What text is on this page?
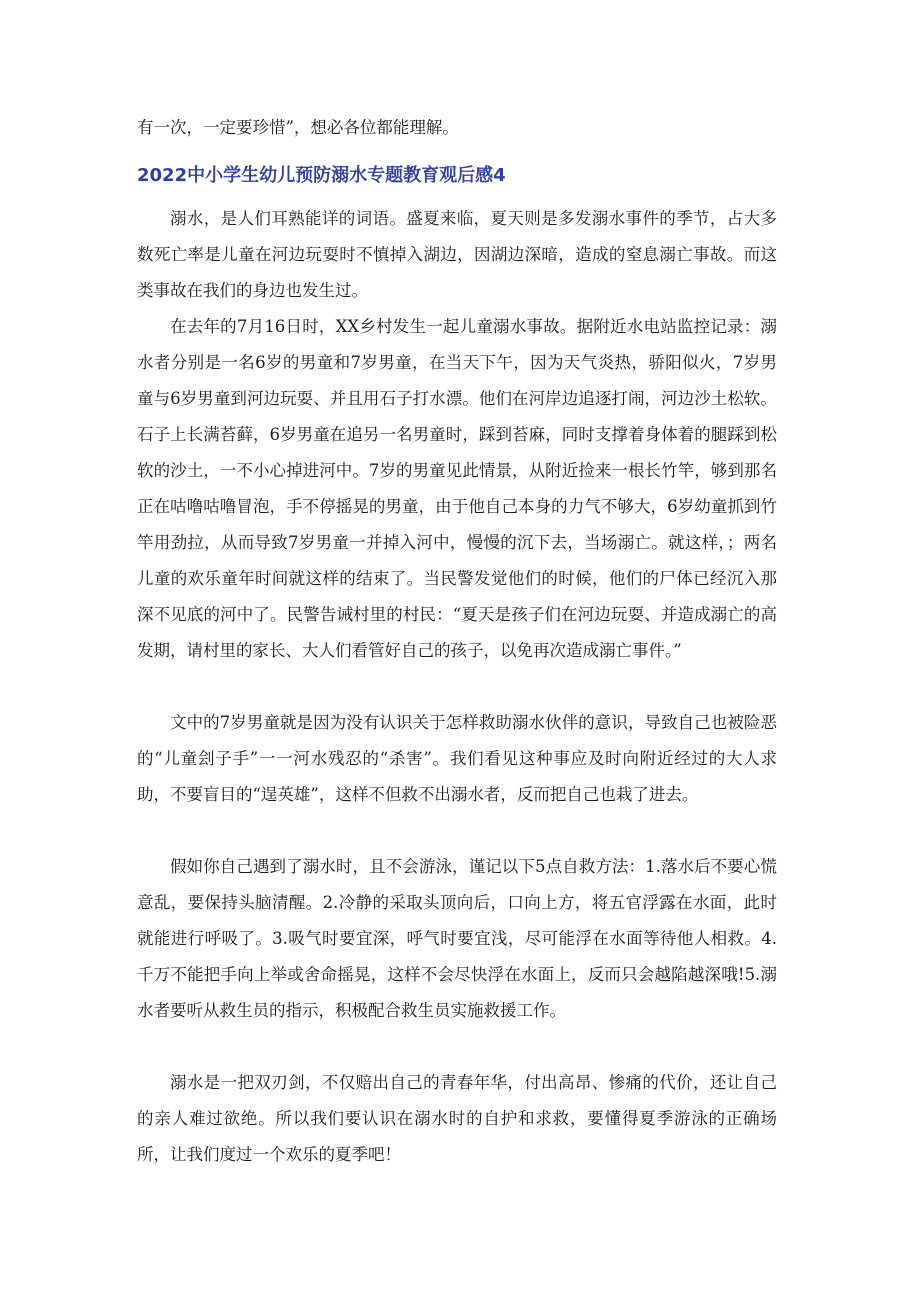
有一次，一定要珍惜”，想必各位都能理解。

2022中小学生幼儿预防溺水专题教育观后感4

溺水，是人们耳熟能详的词语。盛夏来临，夏天则是多发溺水事件的季节，占大多数死亡率是儿童在河边玩耍时不慎掉入湖边，因湖边深暗，造成的窒息溺亡事故。而这类事故在我们的身边也发生过。

在去年的7月16日时，XX乡村发生一起儿童溺水事故。据附近水电站监控记录：溺水者分别是一名6岁的男童和7岁男童，在当天下午，因为天气炎热，骄阳似火，7岁男童与6岁男童到河边玩耍、并且用石子打水漂。他们在河岸边追逐打闹，河边沙土松软。石子上长满苔藓，6岁男童在追另一名男童时，踩到苔麻，同时支撑着身体着的腿踩到松软的沙土，一不小心掉进河中。7岁的男童见此情景，从附近捡来一根长竹竿，够到那名正在咕噜咕噜冒泡，手不停摇晃的男童，由于他自己本身的力气不够大，6岁幼童抓到竹竿用劲拉，从而导致7岁男童一并掉入河中，慢慢的沉下去，当场溺亡。就这样，；两名儿童的欢乐童年时间就这样的结束了。当民警发觉他们的时候，他们的尸体已经沉入那深不见底的河中了。民警告诫村里的村民：“夏天是孩子们在河边玩耍、并造成溺亡的高发期，请村里的家长、大人们看管好自己的孩子，以免再次造成溺亡事件。”

文中的7岁男童就是因为没有认识关于怎样救助溺水伙伴的意识，导致自己也被险恶的“儿童刽子手”一一河水残忍的“杀害”。我们看见这种事应及时向附近经过的大人求助，不要盲目的“逞英雄”，这样不但救不出溺水者，反而把自己也栽了进去。

假如你自己遇到了溺水时，且不会游泳，谨记以下5点自救方法：1.落水后不要心慌意乱，要保持头脑清醒。2.冷静的采取头顶向后，口向上方，将五官浮露在水面，此时就能进行呼吸了。3.吸气时要宜深，呼气时要宜浅，尽可能浮在水面等待他人相救。4.千万不能把手向上举或舍命摇晃，这样不会尽快浮在水面上，反而只会越陷越深哦!5.溺水者要听从救生员的指示，积极配合救生员实施救援工作。

溺水是一把双刃剑，不仅赔出自己的青春年华，付出高昂、惨痛的代价，还让自己的亲人难过欲绝。所以我们要认识在溺水时的自护和求救，要懂得夏季游泳的正确场所，让我们度过一个欢乐的夏季吧！
